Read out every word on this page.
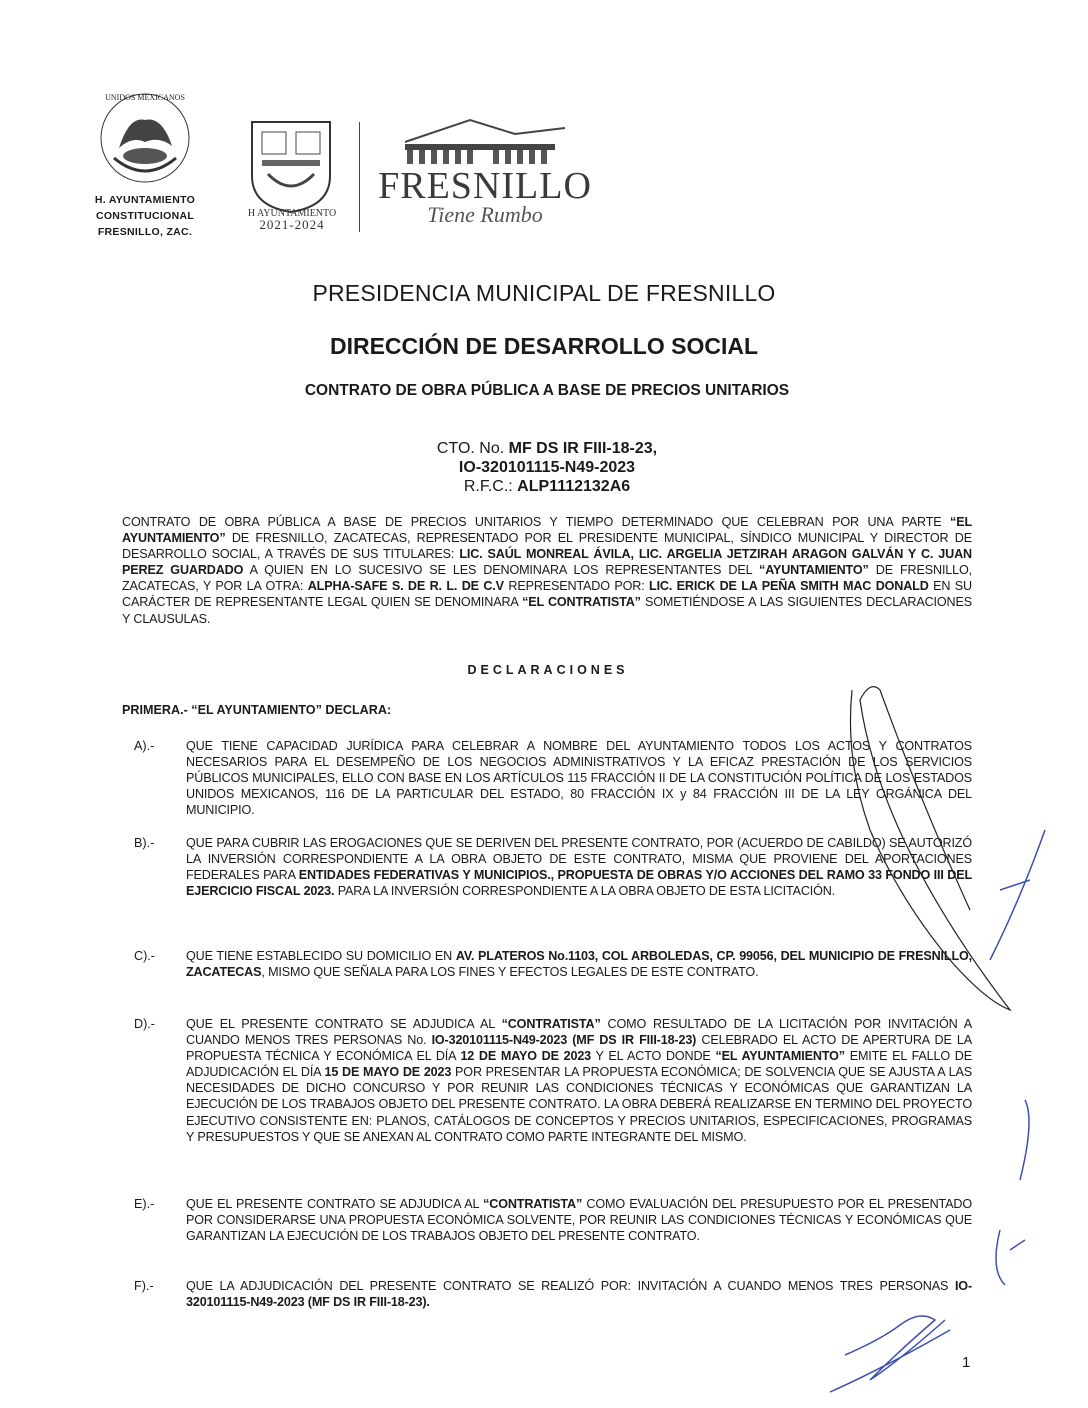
UNIDOS MEXICANOS
H. AYUNTAMIENTO
CONSTITUCIONAL
FRESNILLO, ZAC.
H AYUNTAMIENTO
2021-2024
FRESNILLO
Tiene Rumbo
PRESIDENCIA MUNICIPAL DE FRESNILLO
DIRECCIÓN DE DESARROLLO SOCIAL
CONTRATO DE OBRA PÚBLICA A BASE DE PRECIOS UNITARIOS
CTO. No. MF DS IR FIII-18-23,
IO-320101115-N49-2023
R.F.C.: ALP1112132A6
CONTRATO DE OBRA PÚBLICA A BASE DE PRECIOS UNITARIOS Y TIEMPO DETERMINADO QUE CELEBRAN POR UNA PARTE “EL AYUNTAMIENTO” DE FRESNILLO, ZACATECAS, REPRESENTADO POR EL PRESIDENTE MUNICIPAL, SÍNDICO MUNICIPAL Y DIRECTOR DE DESARROLLO SOCIAL, A TRAVÉS DE SUS TITULARES: LIC. SAÚL MONREAL ÁVILA, LIC. ARGELIA JETZIRAH ARAGON GALVÁN Y C. JUAN PEREZ GUARDADO A QUIEN EN LO SUCESIVO SE LES DENOMINARA LOS REPRESENTANTES DEL “AYUNTAMIENTO” DE FRESNILLO, ZACATECAS, Y POR LA OTRA: ALPHA-SAFE S. DE R. L. DE C.V REPRESENTADO POR: LIC. ERICK DE LA PEÑA SMITH MAC DONALD EN SU CARÁCTER DE REPRESENTANTE LEGAL QUIEN SE DENOMINARA “EL CONTRATISTA” SOMETIÉNDOSE A LAS SIGUIENTES DECLARACIONES Y CLAUSULAS.
DECLARACIONES
PRIMERA.- “EL AYUNTAMIENTO” DECLARA:
A).-	QUE TIENE CAPACIDAD JURÍDICA PARA CELEBRAR A NOMBRE DEL AYUNTAMIENTO TODOS LOS ACTOS Y CONTRATOS NECESARIOS PARA EL DESEMPEÑO DE LOS NEGOCIOS ADMINISTRATIVOS Y LA EFICAZ PRESTACIÓN DE LOS SERVICIOS PÚBLICOS MUNICIPALES, ELLO CON BASE EN LOS ARTÍCULOS 115 FRACCIÓN II DE LA CONSTITUCIÓN POLÍTICA DE LOS ESTADOS UNIDOS MEXICANOS, 116 DE LA PARTICULAR DEL ESTADO, 80 FRACCIÓN IX y 84 FRACCIÓN III DE LA LEY ORGÁNICA DEL MUNICIPIO.
B).-	QUE PARA CUBRIR LAS EROGACIONES QUE SE DERIVEN DEL PRESENTE CONTRATO, POR (ACUERDO DE CABILDO) SE AUTORIZÓ LA INVERSIÓN CORRESPONDIENTE A LA OBRA OBJETO DE ESTE CONTRATO, MISMA QUE PROVIENE DEL APORTACIONES FEDERALES PARA ENTIDADES FEDERATIVAS Y MUNICIPIOS., PROPUESTA DE OBRAS Y/O ACCIONES DEL RAMO 33 FONDO III DEL EJERCICIO FISCAL 2023. PARA LA INVERSIÓN CORRESPONDIENTE A LA OBRA OBJETO DE ESTA LICITACIÓN.
C).- QUE TIENE ESTABLECIDO SU DOMICILIO EN AV. PLATEROS No.1103, COL ARBOLEDAS, CP. 99056, DEL MUNICIPIO DE FRESNILLO, ZACATECAS, MISMO QUE SEÑALA PARA LOS FINES Y EFECTOS LEGALES DE ESTE CONTRATO.
D).- QUE EL PRESENTE CONTRATO SE ADJUDICA AL “CONTRATISTA” COMO RESULTADO DE LA LICITACIÓN POR INVITACIÓN A CUANDO MENOS TRES PERSONAS No. IO-320101115-N49-2023 (MF DS IR FIII-18-23) CELEBRADO EL ACTO DE APERTURA DE LA PROPUESTA TÉCNICA Y ECONÓMICA EL DÍA 12 DE MAYO DE 2023 Y EL ACTO DONDE “EL AYUNTAMIENTO” EMITE EL FALLO DE ADJUDICACIÓN EL DÍA 15 DE MAYO DE 2023 POR PRESENTAR LA PROPUESTA ECONÓMICA; DE SOLVENCIA QUE SE AJUSTA A LAS NECESIDADES DE DICHO CONCURSO Y POR REUNIR LAS CONDICIONES TÉCNICAS Y ECONÓMICAS QUE GARANTIZAN LA EJECUCIÓN DE LOS TRABAJOS OBJETO DEL PRESENTE CONTRATO. LA OBRA DEBERÁ REALIZARSE EN TERMINO DEL PROYECTO EJECUTIVO CONSISTENTE EN: PLANOS, CATÁLOGOS DE CONCEPTOS Y PRECIOS UNITARIOS, ESPECIFICACIONES, PROGRAMAS Y PRESUPUESTOS Y QUE SE ANEXAN AL CONTRATO COMO PARTE INTEGRANTE DEL MISMO.
E).-	QUE EL PRESENTE CONTRATO SE ADJUDICA AL “CONTRATISTA” COMO EVALUACIÓN DEL PRESUPUESTO POR EL PRESENTADO POR CONSIDERARSE UNA PROPUESTA ECONÓMICA SOLVENTE, POR REUNIR LAS CONDICIONES TÉCNICAS Y ECONÓMICAS QUE GARANTIZAN LA EJECUCIÓN DE LOS TRABAJOS OBJETO DEL PRESENTE CONTRATO.
F).-	QUE LA ADJUDICACIÓN DEL PRESENTE CONTRATO SE REALIZÓ POR: INVITACIÓN A CUANDO MENOS TRES PERSONAS IO-320101115-N49-2023 (MF DS IR FIII-18-23).
1
